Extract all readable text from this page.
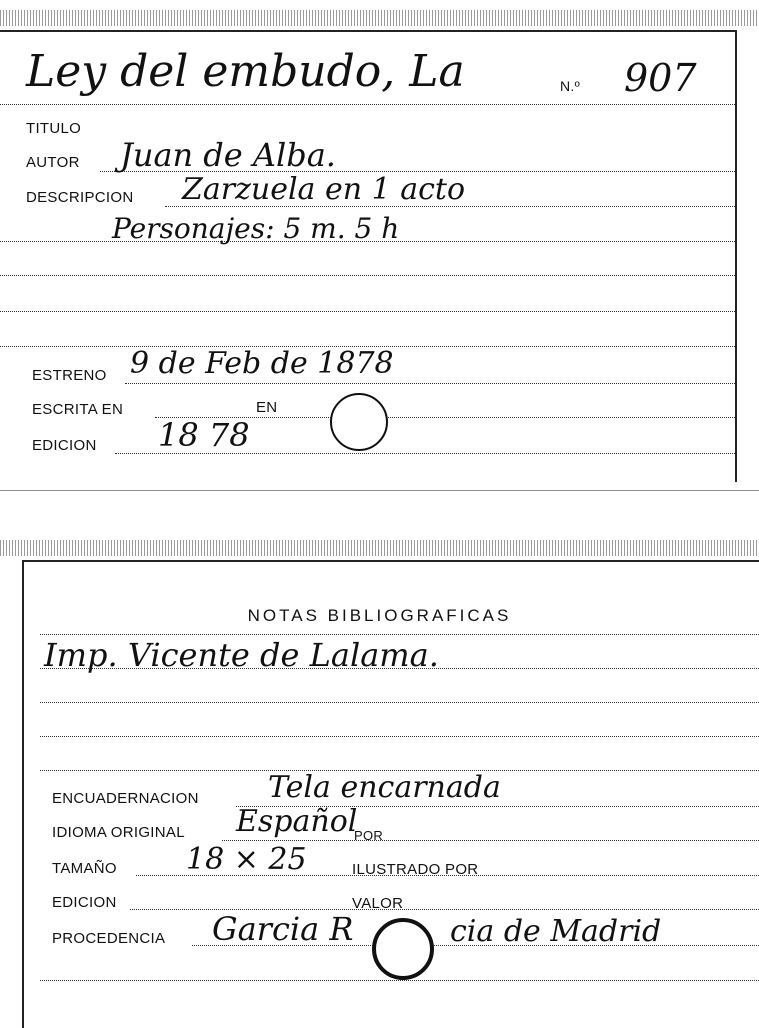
Ley del embudo, La	N.º 907
TITULO
AUTOR Juan de Alba.
DESCRIPCION Zarzuela en 1 acto
Personajes: 5 m. 5 h
ESTRENO 9 de Feb de 1878
ESCRITA EN	EN
EDICION 18 78
NOTAS BIBLIOGRAFICAS
Imp. Vicente de Lalama.
ENCUADERNACION Tela encarnada
IDIOMA ORIGINAL Español
POR
TAMAÑO 18 × 25	ILUSTRADO POR
EDICION	VALOR
PROCEDENCIA Garcia R	cia de Madrid
